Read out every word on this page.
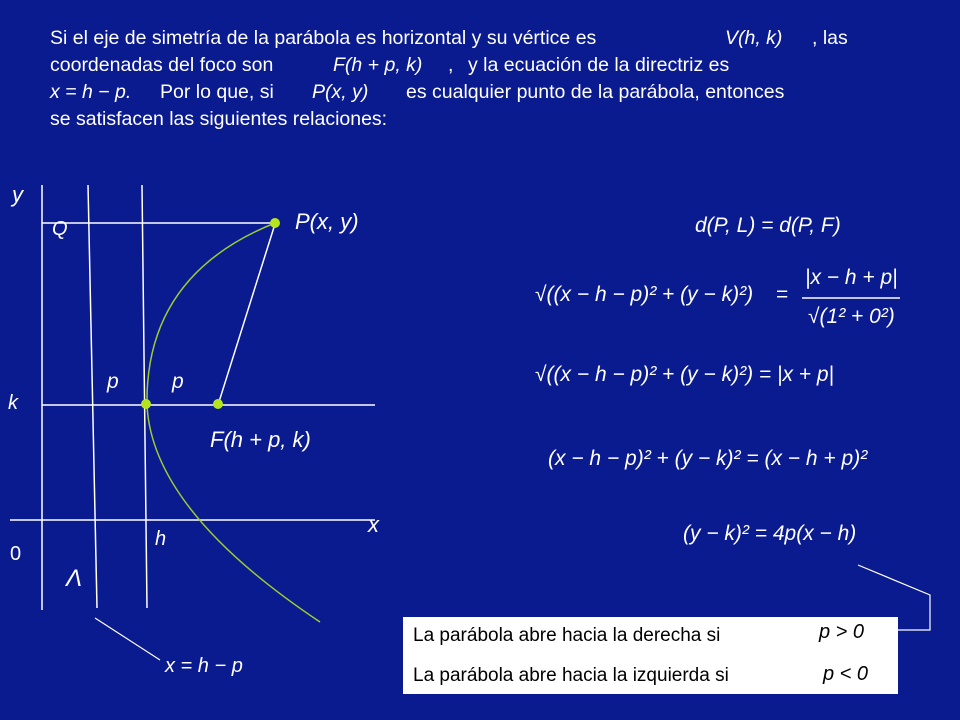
Si el eje de simetría de la parábola es horizontal y su vértice es	V(h, k) , las
coordenadas del foco son	F(h + p, k) , y la ecuación de la directriz es
x = h − p. Por lo que, si P(x, y) es cualquier punto de la parábola, entonces
se satisfacen las siguientes relaciones:
y
x
Q
k
0
h
p	p
Λ
P(x, y)
F(h + p, k)
x = h − p
d(P, L) = d(P, F)
√((x − h − p)² + (y − k)²) =
|x − h + p|
√(1² + 0²)
√((x − h − p)² + (y − k)²) = |x + p|
(x − h − p)² + (y − k)² = (x − h + p)²
(y − k)² = 4p(x − h)
La parábola abre hacia la derecha si	p > 0
La parábola abre hacia la izquierda si	p < 0
